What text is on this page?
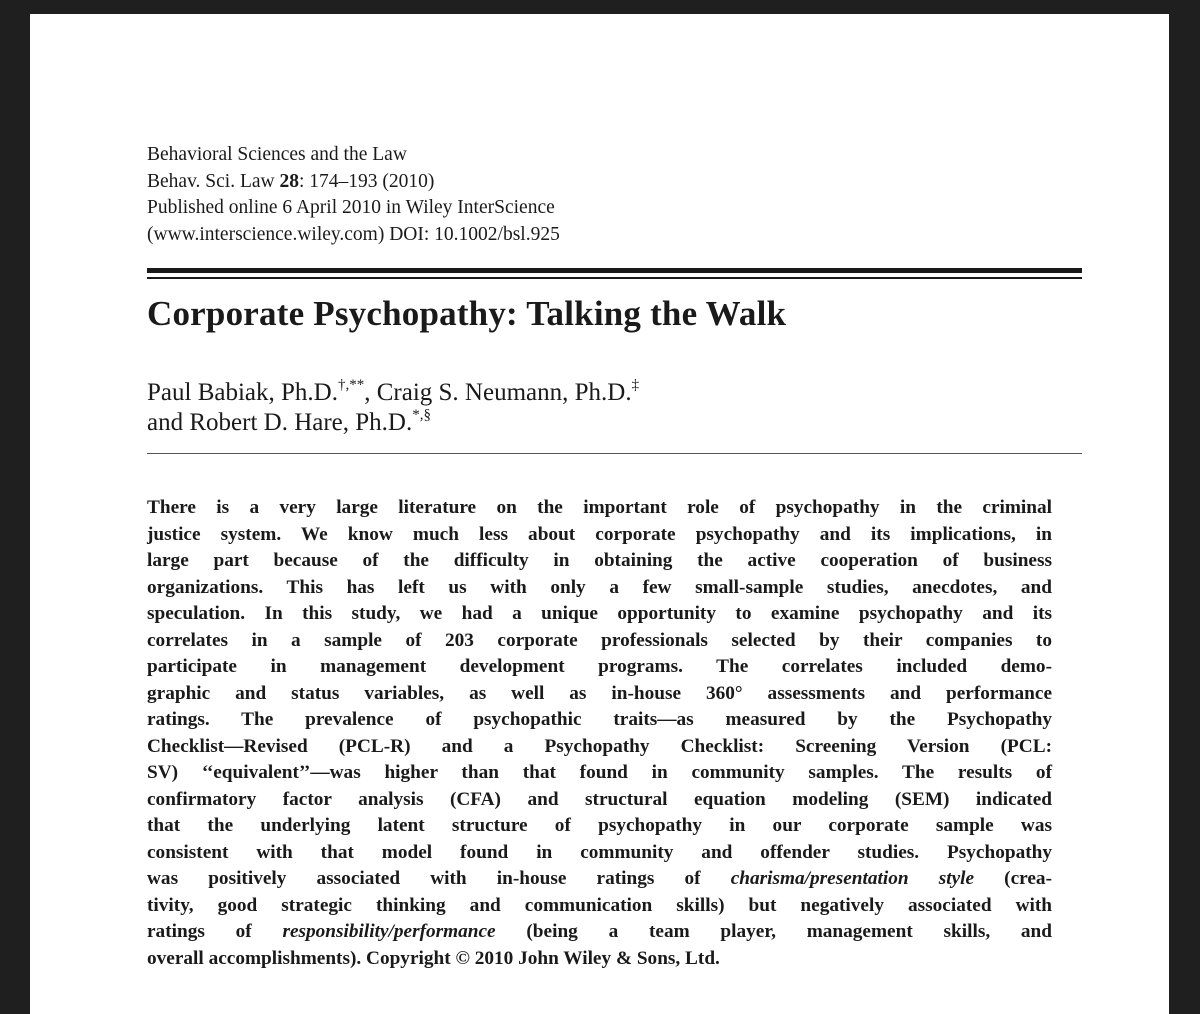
Behavioral Sciences and the Law
Behav. Sci. Law 28: 174–193 (2010)
Published online 6 April 2010 in Wiley InterScience
(www.interscience.wiley.com) DOI: 10.1002/bsl.925
Corporate Psychopathy: Talking the Walk
Paul Babiak, Ph.D.†,**, Craig S. Neumann, Ph.D.‡
and Robert D. Hare, Ph.D.*,§
There is a very large literature on the important role of psychopathy in the criminal
justice system. We know much less about corporate psychopathy and its implications, in
large part because of the difficulty in obtaining the active cooperation of business
organizations. This has left us with only a few small-sample studies, anecdotes, and
speculation. In this study, we had a unique opportunity to examine psychopathy and its
correlates in a sample of 203 corporate professionals selected by their companies to
participate in management development programs. The correlates included demo-
graphic and status variables, as well as in-house 360° assessments and performance
ratings. The prevalence of psychopathic traits—as measured by the Psychopathy
Checklist—Revised (PCL-R) and a Psychopathy Checklist: Screening Version (PCL:
SV) ‘‘equivalent’’—was higher than that found in community samples. The results of
confirmatory factor analysis (CFA) and structural equation modeling (SEM) indicated
that the underlying latent structure of psychopathy in our corporate sample was
consistent with that model found in community and offender studies. Psychopathy
was positively associated with in-house ratings of charisma/presentation style (crea-
tivity, good strategic thinking and communication skills) but negatively associated with
ratings of responsibility/performance (being a team player, management skills, and
overall accomplishments). Copyright © 2010 John Wiley & Sons, Ltd.
